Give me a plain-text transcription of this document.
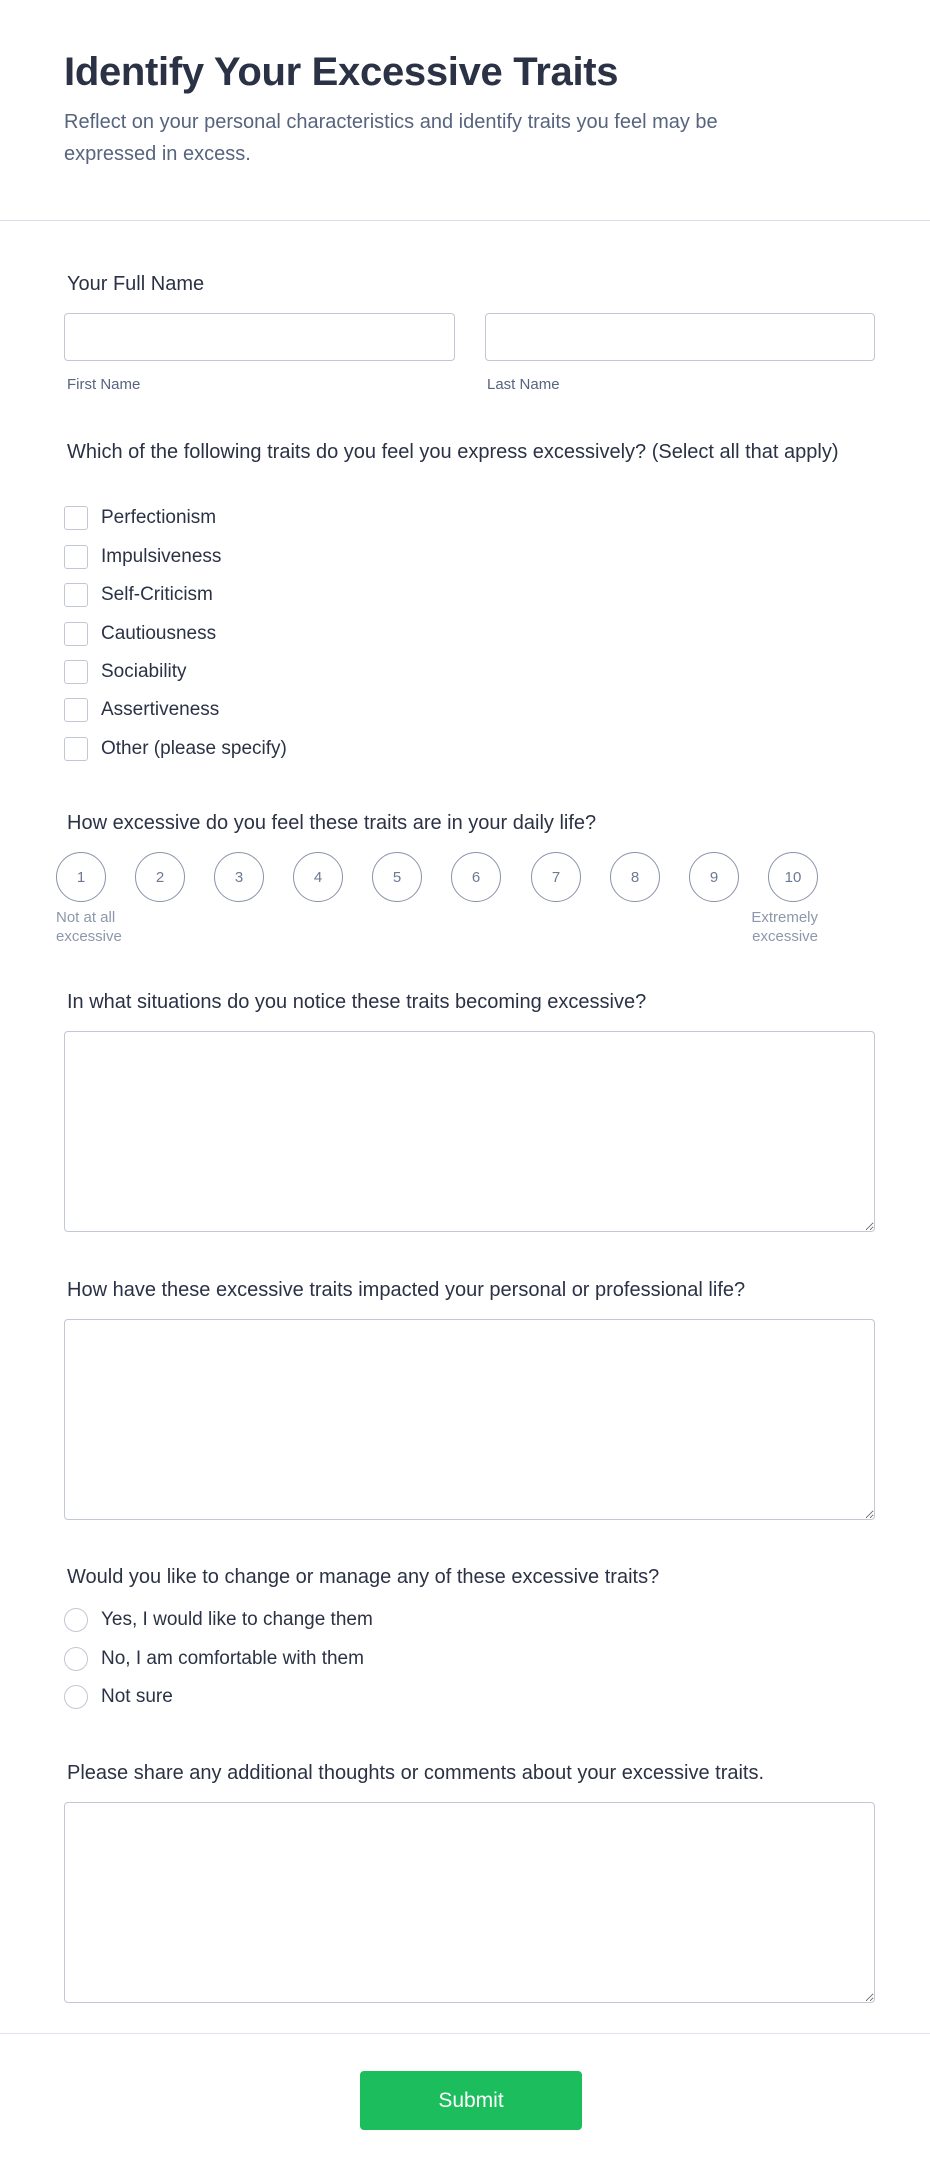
Identify Your Excessive Traits

Reflect on your personal characteristics and identify traits you feel may be expressed in excess.

Your Full Name
First Name	Last Name
Which of the following traits do you feel you express excessively? (Select all that apply)
Perfectionism
Impulsiveness
Self-Criticism
Cautiousness
Sociability
Assertiveness
Other (please specify)
How excessive do you feel these traits are in your daily life?
1	2	3	4	5	6	7	8	9	10
Not at all excessive
Extremely excessive
In what situations do you notice these traits becoming excessive?
How have these excessive traits impacted your personal or professional life?
Would you like to change or manage any of these excessive traits?
Yes, I would like to change them
No, I am comfortable with them
Not sure
Please share any additional thoughts or comments about your excessive traits.
Submit
